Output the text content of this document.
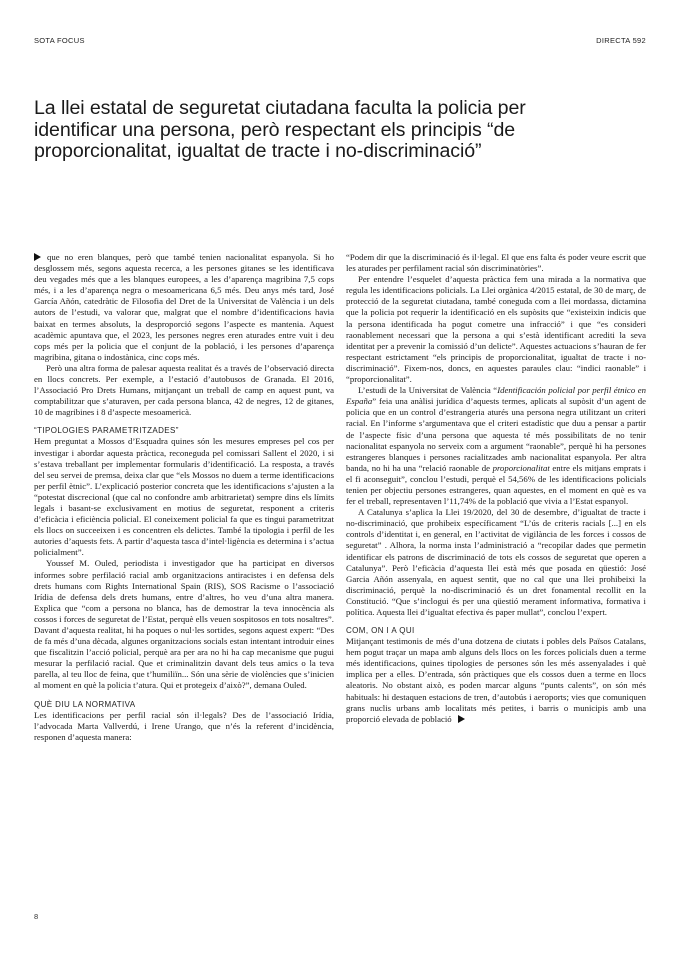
SOTA FOCUS	DIRECTA 592
La llei estatal de seguretat ciutadana faculta la policia per identificar una persona, però respectant els principis “de proporcionalitat, igualtat de tracte i no-discriminació”

que no eren blanques, però que també tenien nacionalitat espanyola. Si ho desglossem més, segons aquesta recerca, a les persones gitanes se les identificava deu vegades més que a les blanques europees, a les d’aparença magribina 7,5 cops més, i a les d’aparença negra o mesoamericana 6,5 més. Deu anys més tard, José García Añón, catedràtic de Filosofia del Dret de la Universitat de València i un dels autors de l’estudi, va valorar que, malgrat que el nombre d’identificacions havia baixat en termes absoluts, la desproporció segons l’aspecte es mantenia. Aquest acadèmic apuntava que, el 2023, les persones negres eren aturades entre vuit i deu cops més per la policia que el conjunt de la població, i les persones d’aparença magribina, gitana o indostànica, cinc cops més.

Però una altra forma de palesar aquesta realitat és a través de l’observació directa en llocs concrets. Per exemple, a l’estació d’autobusos de Granada. El 2016, l’Associació Pro Drets Humans, mitjançant un treball de camp en aquest punt, va comptabilitzar que s’aturaven, per cada persona blanca, 42 de negres, 12 de gitanes, 10 de magribines i 8 d’aspecte mesoamericà.

“TIPOLOGIES PARAMETRITZADES”

Hem preguntat a Mossos d’Esquadra quines són les mesures empreses pel cos per investigar i abordar aquesta pràctica, reconeguda pel comissari Sallent el 2020, i si s’estava treballant per implementar formularis d’identificació. La resposta, a través del seu servei de premsa, deixa clar que “els Mossos no duem a terme identificacions per perfil ètnic”. L’explicació posterior concreta que les identificacions s’ajusten a la “potestat discrecional (que cal no confondre amb arbitrarietat) sempre dins els límits legals i basant-se exclusivament en motius de seguretat, responent a criteris d’eficàcia i eficiència policial. El coneixement policial fa que es tingui parametritzat els llocs on succeeixen i es concentren els delictes. També la tipologia i perfil de les autories d’aquests fets. A partir d’aquesta tasca d’intel·ligència es determina i s’actua policialment”.

Youssef M. Ouled, periodista i investigador que ha participat en diversos informes sobre perfilació racial amb organitzacions antiracistes i en defensa dels drets humans com Rights International Spain (RIS), SOS Racisme o l’associació Irídia de defensa dels drets humans, entre d’altres, ho veu d’una altra manera. Explica que “com a persona no blanca, has de demostrar la teva innocència als cossos i forces de seguretat de l’Estat, perquè ells veuen sospitosos en tots nosaltres”. Davant d’aquesta realitat, hi ha poques o nul·les sortides, segons aquest expert: “Des de fa més d’una dècada, algunes organitzacions socials estan intentant introduir eines que fiscalitzin l’acció policial, perquè ara per ara no hi ha cap mecanisme que pugui mesurar la perfilació racial. Que et criminalitzin davant dels teus amics o la teva parella, al teu lloc de feina, que t’humiliïn... Són una sèrie de violències que s’inicien al moment en què la policia t’atura. Qui et protegeix d’això?”, demana Ouled.

QUÈ DIU LA NORMATIVA

Les identificacions per perfil racial són il·legals? Des de l’associació Irídia, l’advocada Marta Vallverdú, i Irene Urango, que n’és la referent d’incidència, responen d’aquesta manera:

“Podem dir que la discriminació és il·legal. El que ens falta és poder veure escrit que les aturades per perfilament racial són discriminatòries”.

Per entendre l’esquelet d’aquesta pràctica fem una mirada a la normativa que regula les identificacions policials. La Llei orgànica 4/2015 estatal, de 30 de març, de protecció de la seguretat ciutadana, també coneguda com a llei mordassa, dictamina que la policia pot requerir la identificació en els supòsits que “existeixin indicis que la persona identificada ha pogut cometre una infracció” i que “es consideri raonablement necessari que la persona a qui s’està identificant acrediti la seva identitat per a prevenir la comissió d’un delicte”. Aquestes actuacions s’hauran de fer respectant estrictament “els principis de proporcionalitat, igualtat de tracte i no-discriminació”. Fixem-nos, doncs, en aquestes paraules clau: “indici raonable” i “proporcionalitat”.

L’estudi de la Universitat de València “Identificación policial por perfil étnico en España” feia una anàlisi jurídica d’aquests termes, aplicats al supòsit d’un agent de policia que en un control d’estrangeria aturés una persona negra utilitzant un criteri racial. En l’informe s’argumentava que el criteri estadístic que duu a pensar a partir de l’aspecte físic d’una persona que aquesta té més possibilitats de no tenir nacionalitat espanyola no serveix com a argument “raonable”, perquè hi ha persones estrangeres blanques i persones racialitzades amb nacionalitat espanyola. Per altra banda, no hi ha una “relació raonable de proporcionalitat entre els mitjans emprats i el fi aconseguit”, conclou l’estudi, perquè el 54,56% de les identificacions policials tenien per objectiu persones estrangeres, quan aquestes, en el moment en què es va fer el treball, representaven l’11,74% de la població que vivia a l’Estat espanyol.

A Catalunya s’aplica la Llei 19/2020, del 30 de desembre, d’igualtat de tracte i no-discriminació, que prohibeix específicament “L’ús de criteris racials [...] en els controls d’identitat i, en general, en l’activitat de vigilància de les forces i cossos de seguretat” . Alhora, la norma insta l’administració a “recopilar dades que permetin identificar els patrons de discriminació de tots els cossos de seguretat que operen a Catalunya”. Però l’eficàcia d’aquesta llei està més que posada en qüestió: José Garcia Añón assenyala, en aquest sentit, que no cal que una llei prohibeixi la discriminació, perquè la no-discriminació és un dret fonamental recollit en la Constitució. “Que s’inclogui és per una qüestió merament informativa, formativa i política. Aquesta llei d’igualtat efectiva és paper mullat”, conclou l’expert.

COM, ON I A QUI

Mitjançant testimonis de més d’una dotzena de ciutats i pobles dels Països Catalans, hem pogut traçar un mapa amb alguns dels llocs on les forces policials duen a terme més identificacions, quines tipologies de persones són les més assenyalades i què implica per a elles. D’entrada, són pràctiques que els cossos duen a terme en llocs aleatoris. No obstant això, es poden marcar alguns “punts calents”, on són més habituals: hi destaquen estacions de tren, d’autobús i aeroports; vies que comuniquen grans nuclis urbans amb localitats més petites, i barris o municipis amb una proporció elevada de població

8
